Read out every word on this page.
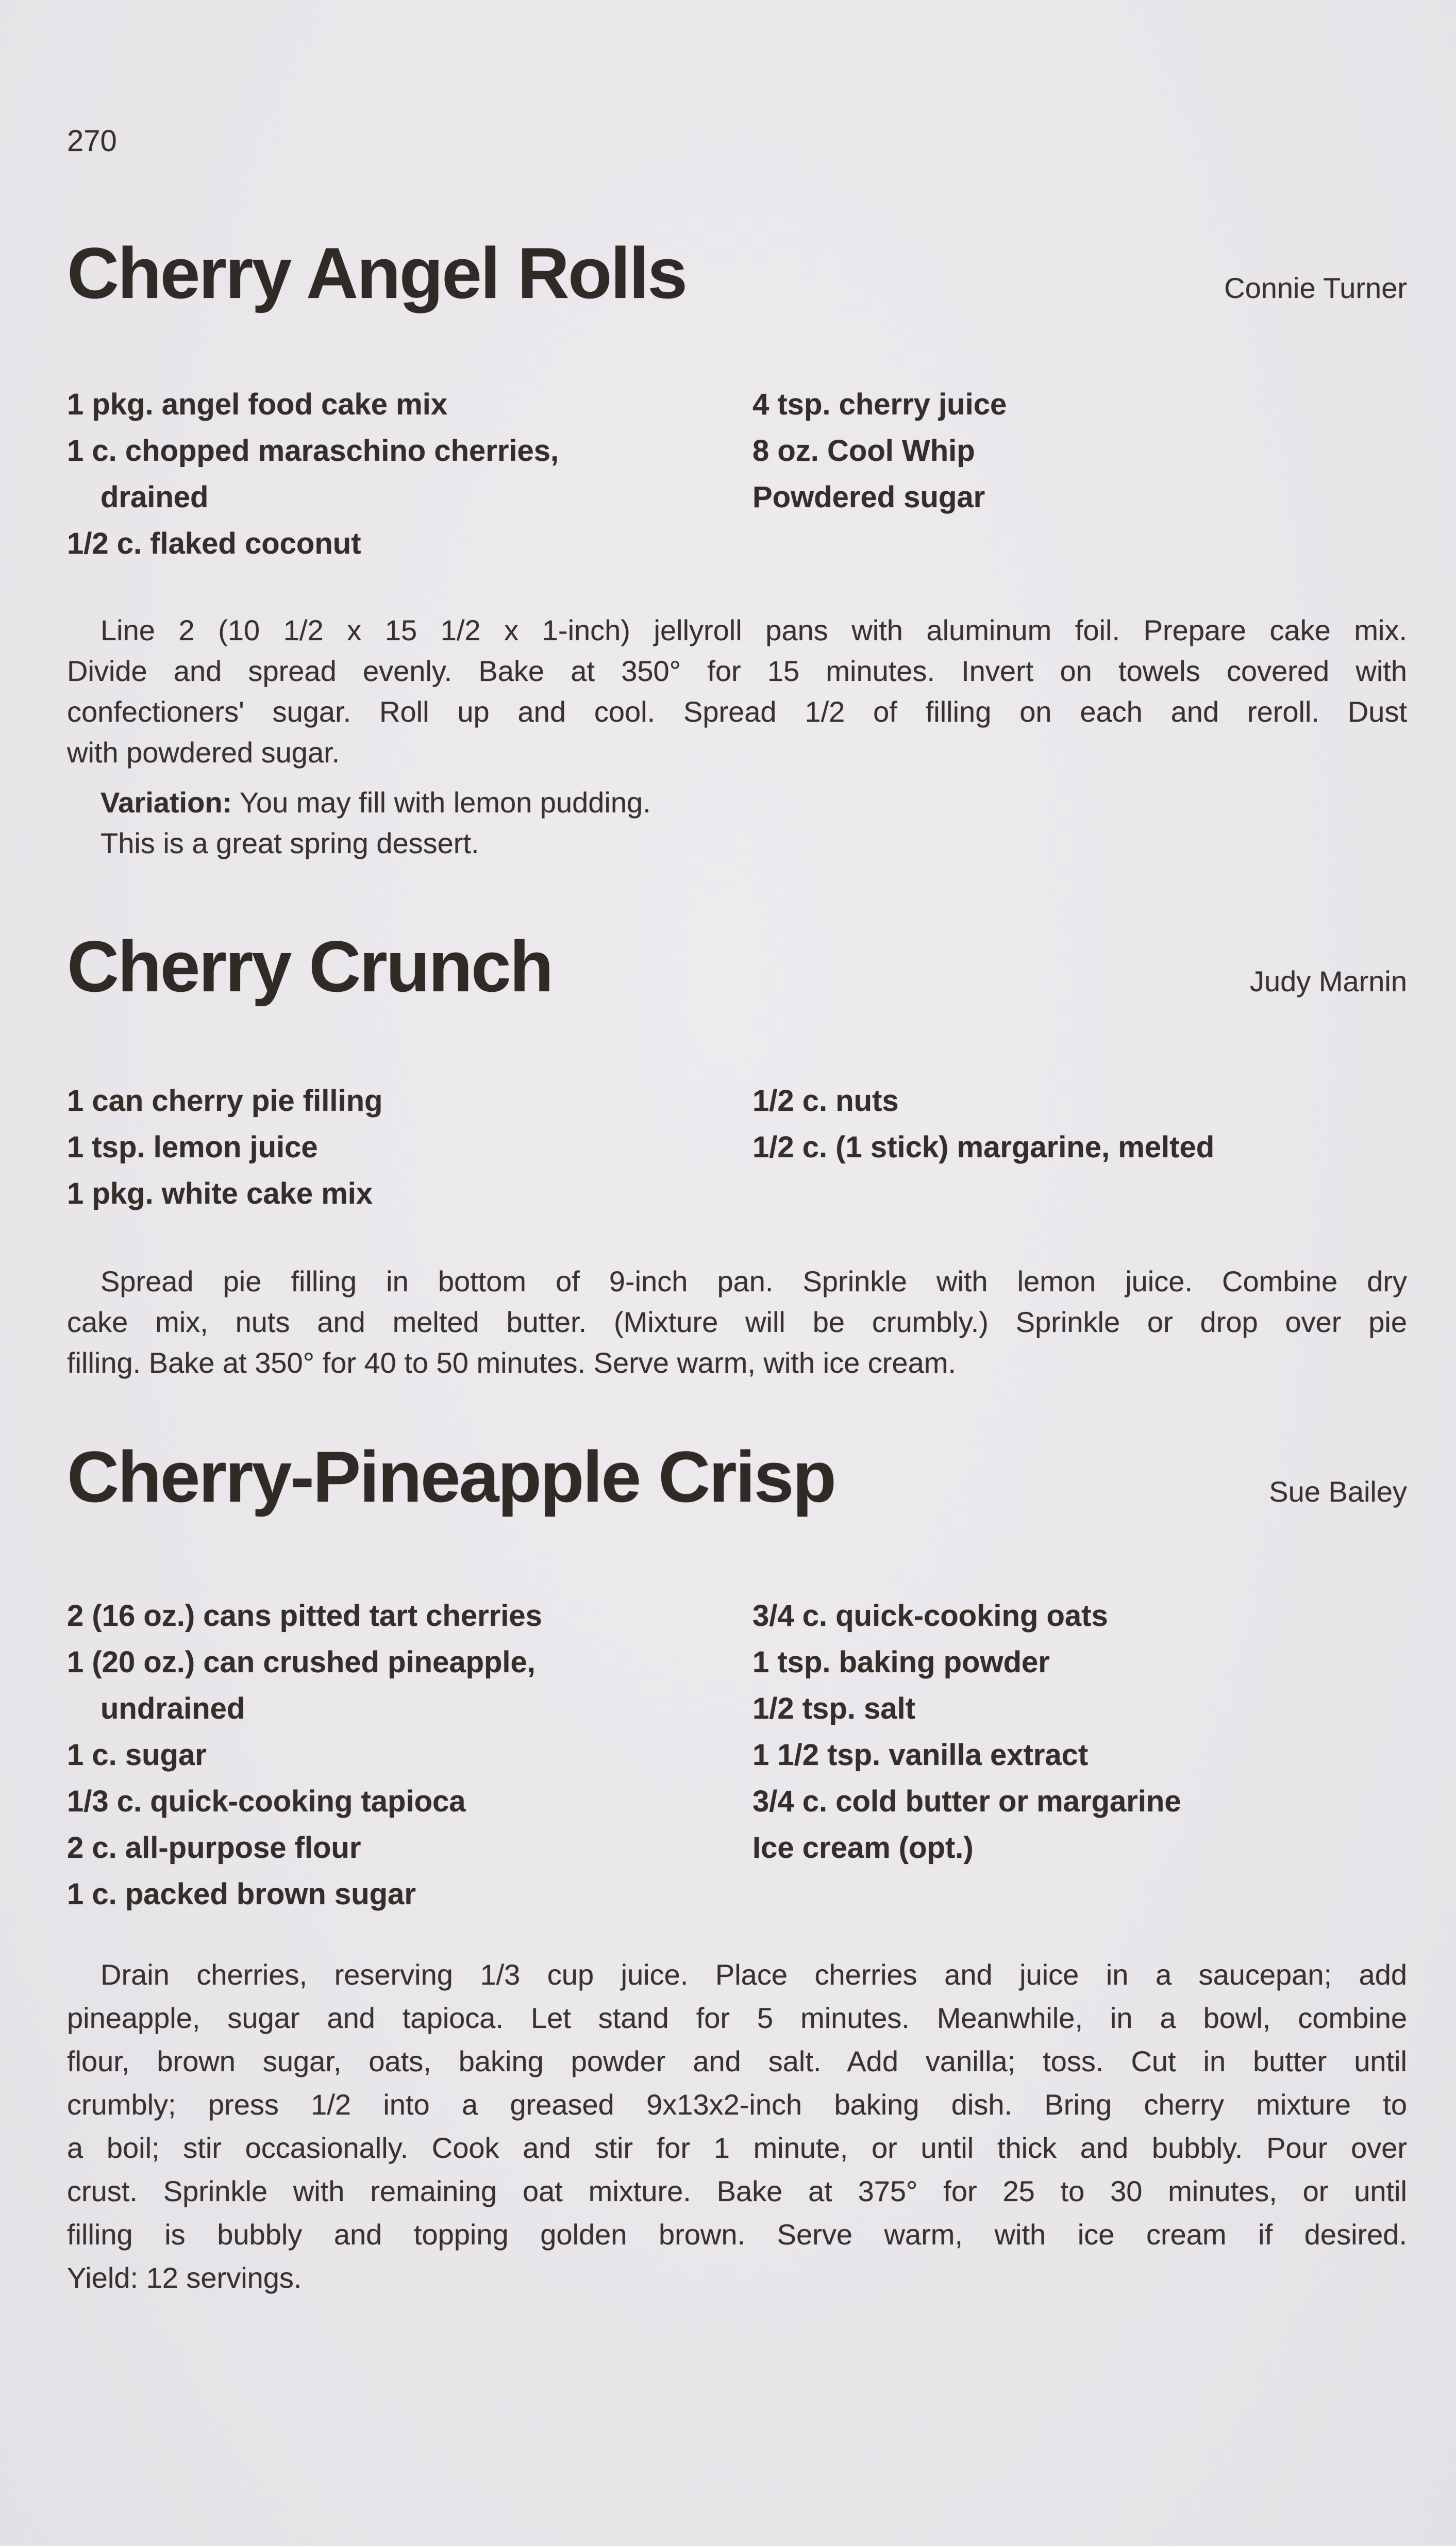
270
Cherry Angel Rolls	Connie Turner
1 pkg. angel food cake mix
1 c. chopped maraschino cherries,
drained
1/2 c. flaked coconut
4 tsp. cherry juice
8 oz. Cool Whip
Powdered sugar
Line 2 (10 1/2 x 15 1/2 x 1-inch) jellyroll pans with aluminum foil. Prepare cake mix.
Divide and spread evenly. Bake at 350° for 15 minutes. Invert on towels covered with
confectioners' sugar. Roll up and cool. Spread 1/2 of filling on each and reroll. Dust
with powdered sugar.
Variation: You may fill with lemon pudding.
This is a great spring dessert.
Cherry Crunch	Judy Marnin
1 can cherry pie filling
1 tsp. lemon juice
1 pkg. white cake mix
1/2 c. nuts
1/2 c. (1 stick) margarine, melted
Spread pie filling in bottom of 9-inch pan. Sprinkle with lemon juice. Combine dry
cake mix, nuts and melted butter. (Mixture will be crumbly.) Sprinkle or drop over pie
filling. Bake at 350° for 40 to 50 minutes. Serve warm, with ice cream.
Cherry-Pineapple Crisp	Sue Bailey
2 (16 oz.) cans pitted tart cherries
1 (20 oz.) can crushed pineapple,
undrained
1 c. sugar
1/3 c. quick-cooking tapioca
2 c. all-purpose flour
1 c. packed brown sugar
3/4 c. quick-cooking oats
1 tsp. baking powder
1/2 tsp. salt
1 1/2 tsp. vanilla extract
3/4 c. cold butter or margarine
Ice cream (opt.)
Drain cherries, reserving 1/3 cup juice. Place cherries and juice in a saucepan; add
pineapple, sugar and tapioca. Let stand for 5 minutes. Meanwhile, in a bowl, combine
flour, brown sugar, oats, baking powder and salt. Add vanilla; toss. Cut in butter until
crumbly; press 1/2 into a greased 9x13x2-inch baking dish. Bring cherry mixture to
a boil; stir occasionally. Cook and stir for 1 minute, or until thick and bubbly. Pour over
crust. Sprinkle with remaining oat mixture. Bake at 375° for 25 to 30 minutes, or until
filling is bubbly and topping golden brown. Serve warm, with ice cream if desired.
Yield: 12 servings.
